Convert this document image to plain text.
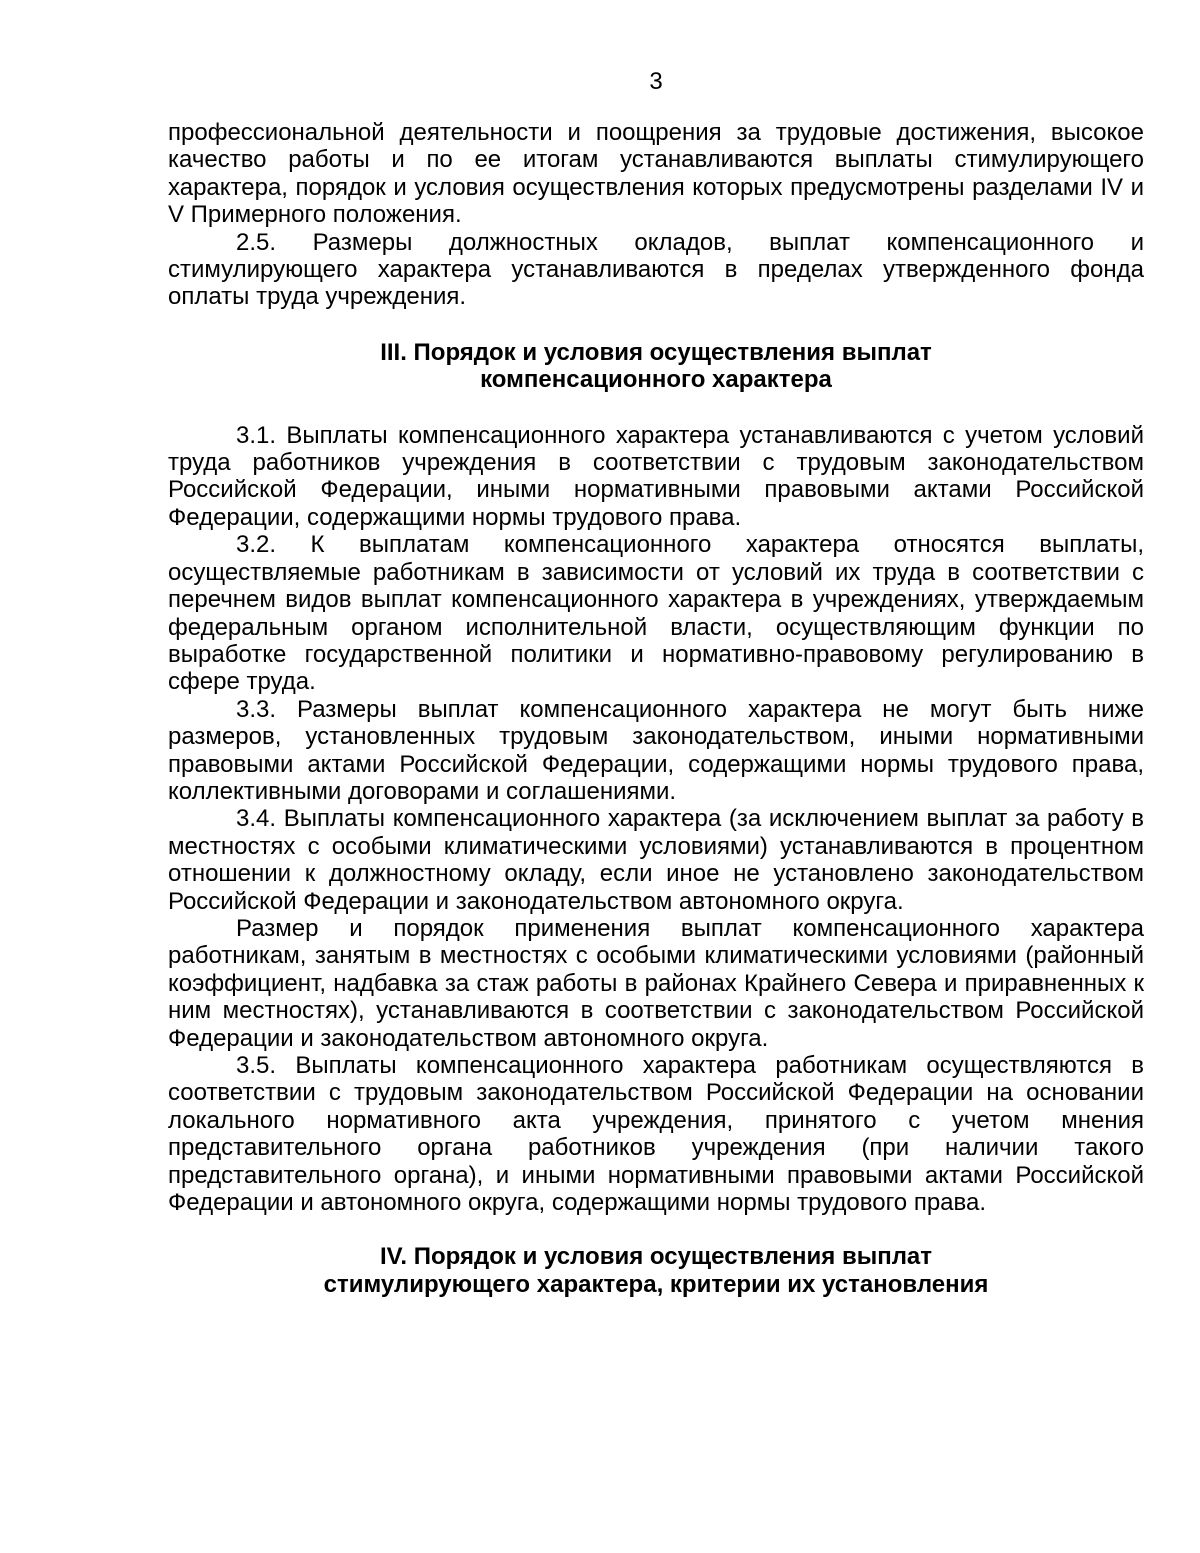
3

профессиональной деятельности и поощрения за трудовые достижения, высокое качество работы и по ее итогам устанавливаются выплаты стимулирующего характера, порядок и условия осуществления которых предусмотрены разделами IV и V Примерного положения.

2.5. Размеры должностных окладов, выплат компенсационного и стимулирующего характера устанавливаются в пределах утвержденного фонда оплаты труда учреждения.

III. Порядок и условия осуществления выплат
компенсационного характера

3.1. Выплаты компенсационного характера устанавливаются с учетом условий труда работников учреждения в соответствии с трудовым законодательством Российской Федерации, иными нормативными правовыми актами Российской Федерации, содержащими нормы трудового права.

3.2. К выплатам компенсационного характера относятся выплаты, осуществляемые работникам в зависимости от условий их труда в соответствии с перечнем видов выплат компенсационного характера в учреждениях, утверждаемым федеральным органом исполнительной власти, осуществляющим функции по выработке государственной политики и нормативно-правовому регулированию в сфере труда.

3.3. Размеры выплат компенсационного характера не могут быть ниже размеров, установленных трудовым законодательством, иными нормативными правовыми актами Российской Федерации, содержащими нормы трудового права, коллективными договорами и соглашениями.

3.4. Выплаты компенсационного характера (за исключением выплат за работу в местностях с особыми климатическими условиями) устанавливаются в процентном отношении к должностному окладу, если иное не установлено законодательством Российской Федерации и законодательством автономного округа.

Размер и порядок применения выплат компенсационного характера работникам, занятым в местностях с особыми климатическими условиями (районный коэффициент, надбавка за стаж работы в районах Крайнего Севера и приравненных к ним местностях), устанавливаются в соответствии с законодательством Российской Федерации и законодательством автономного округа.

3.5. Выплаты компенсационного характера работникам осуществляются в соответствии с трудовым законодательством Российской Федерации на основании локального нормативного акта учреждения, принятого с учетом мнения представительного органа работников учреждения (при наличии такого представительного органа), и иными нормативными правовыми актами Российской Федерации и автономного округа, содержащими нормы трудового права.

IV. Порядок и условия осуществления выплат
стимулирующего характера, критерии их установления
